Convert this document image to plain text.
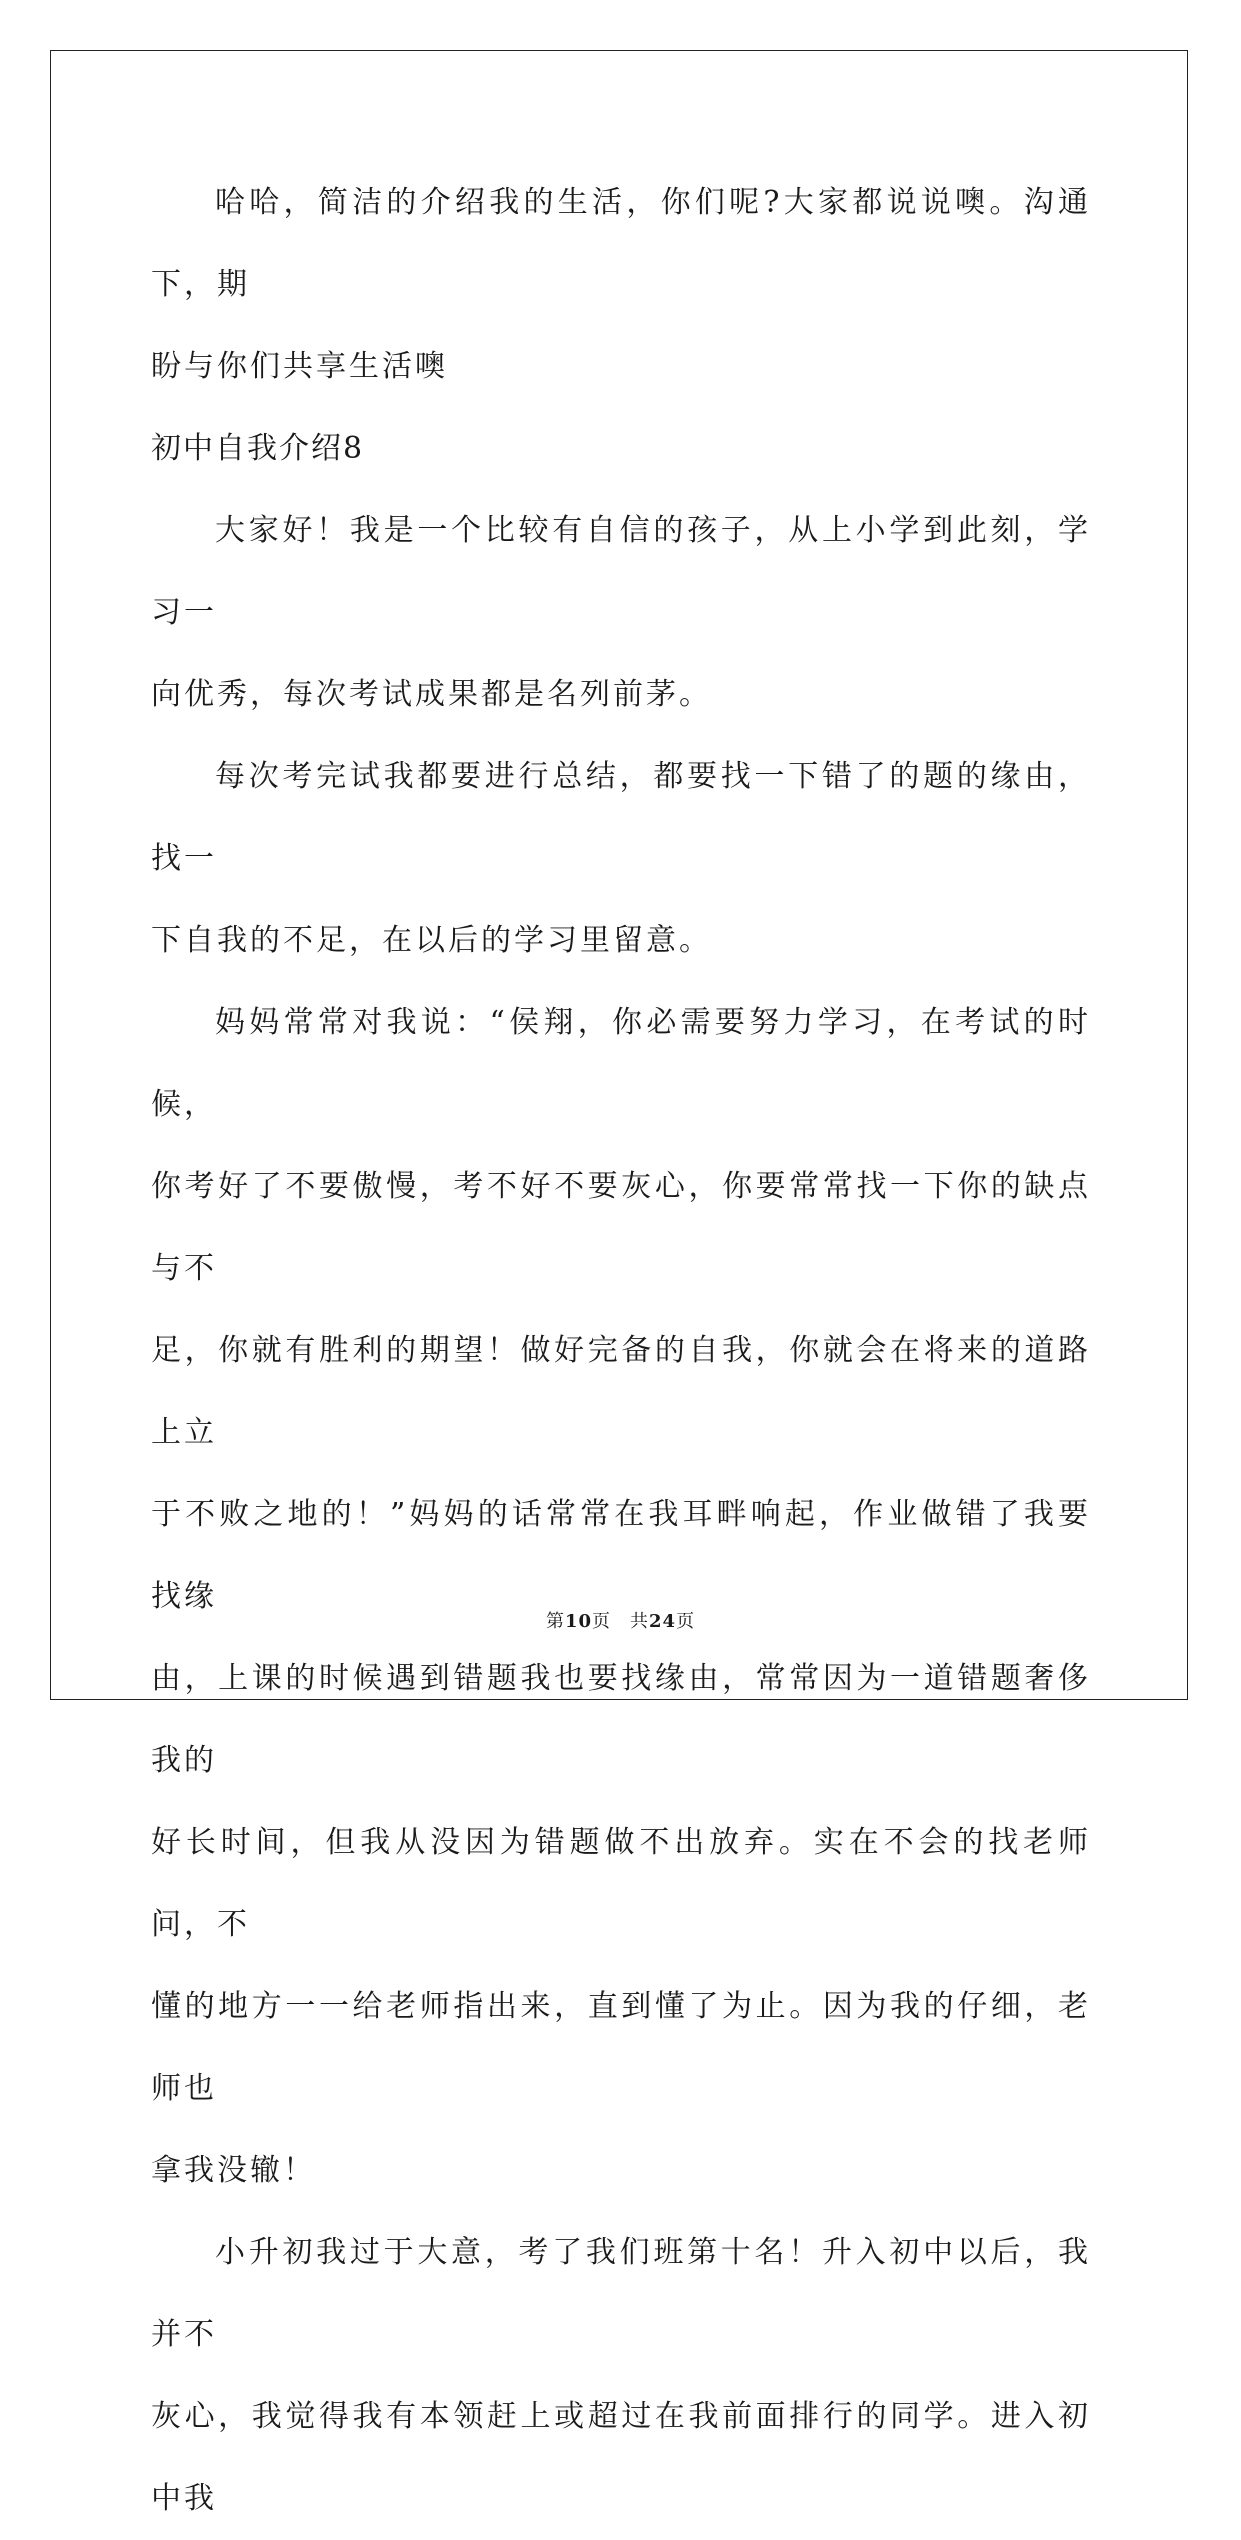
哈哈，简洁的介绍我的生活，你们呢?大家都说说噢。沟通下，期
盼与你们共享生活噢

初中自我介绍8

大家好！我是一个比较有自信的孩子，从上小学到此刻，学习一
向优秀，每次考试成果都是名列前茅。

每次考完试我都要进行总结，都要找一下错了的题的缘由，找一
下自我的不足，在以后的学习里留意。

妈妈常常对我说：“侯翔，你必需要努力学习，在考试的时候，
你考好了不要傲慢，考不好不要灰心，你要常常找一下你的缺点与不
足，你就有胜利的期望！做好完备的自我，你就会在将来的道路上立
于不败之地的！”妈妈的话常常在我耳畔响起，作业做错了我要找缘
由，上课的时候遇到错题我也要找缘由，常常因为一道错题奢侈我的
好长时间，但我从没因为错题做不出放弃。实在不会的找老师问，不
懂的地方一一给老师指出来，直到懂了为止。因为我的仔细，老师也
拿我没辙！

小升初我过于大意，考了我们班第十名！升入初中以后，我并不
灰心，我觉得我有本领赶上或超过在我前面排行的同学。进入初中我

第10页　共24页
